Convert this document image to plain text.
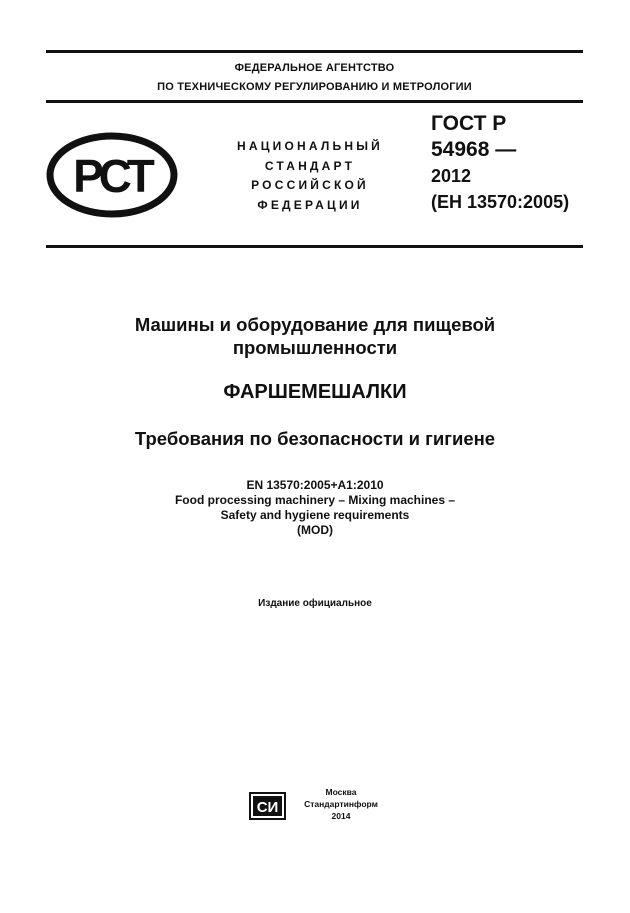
ФЕДЕРАЛЬНОЕ АГЕНТСТВО
ПО ТЕХНИЧЕСКОМУ РЕГУЛИРОВАНИЮ И МЕТРОЛОГИИ
РСТ
НАЦИОНАЛЬНЫЙ
СТАНДАРТ
РОССИЙСКОЙ
ФЕДЕРАЦИИ
ГОСТ Р
54968 —
2012
(ЕН 13570:2005)
Машины и оборудование для пищевой
промышленности
ФАРШЕМЕШАЛКИ
Требования по безопасности и гигиене
EN 13570:2005+A1:2010
Food processing machinery – Mixing machines –
Safety and hygiene requirements
(MOD)
Издание официальное
СИ
Москва
Стандартинформ
2014
